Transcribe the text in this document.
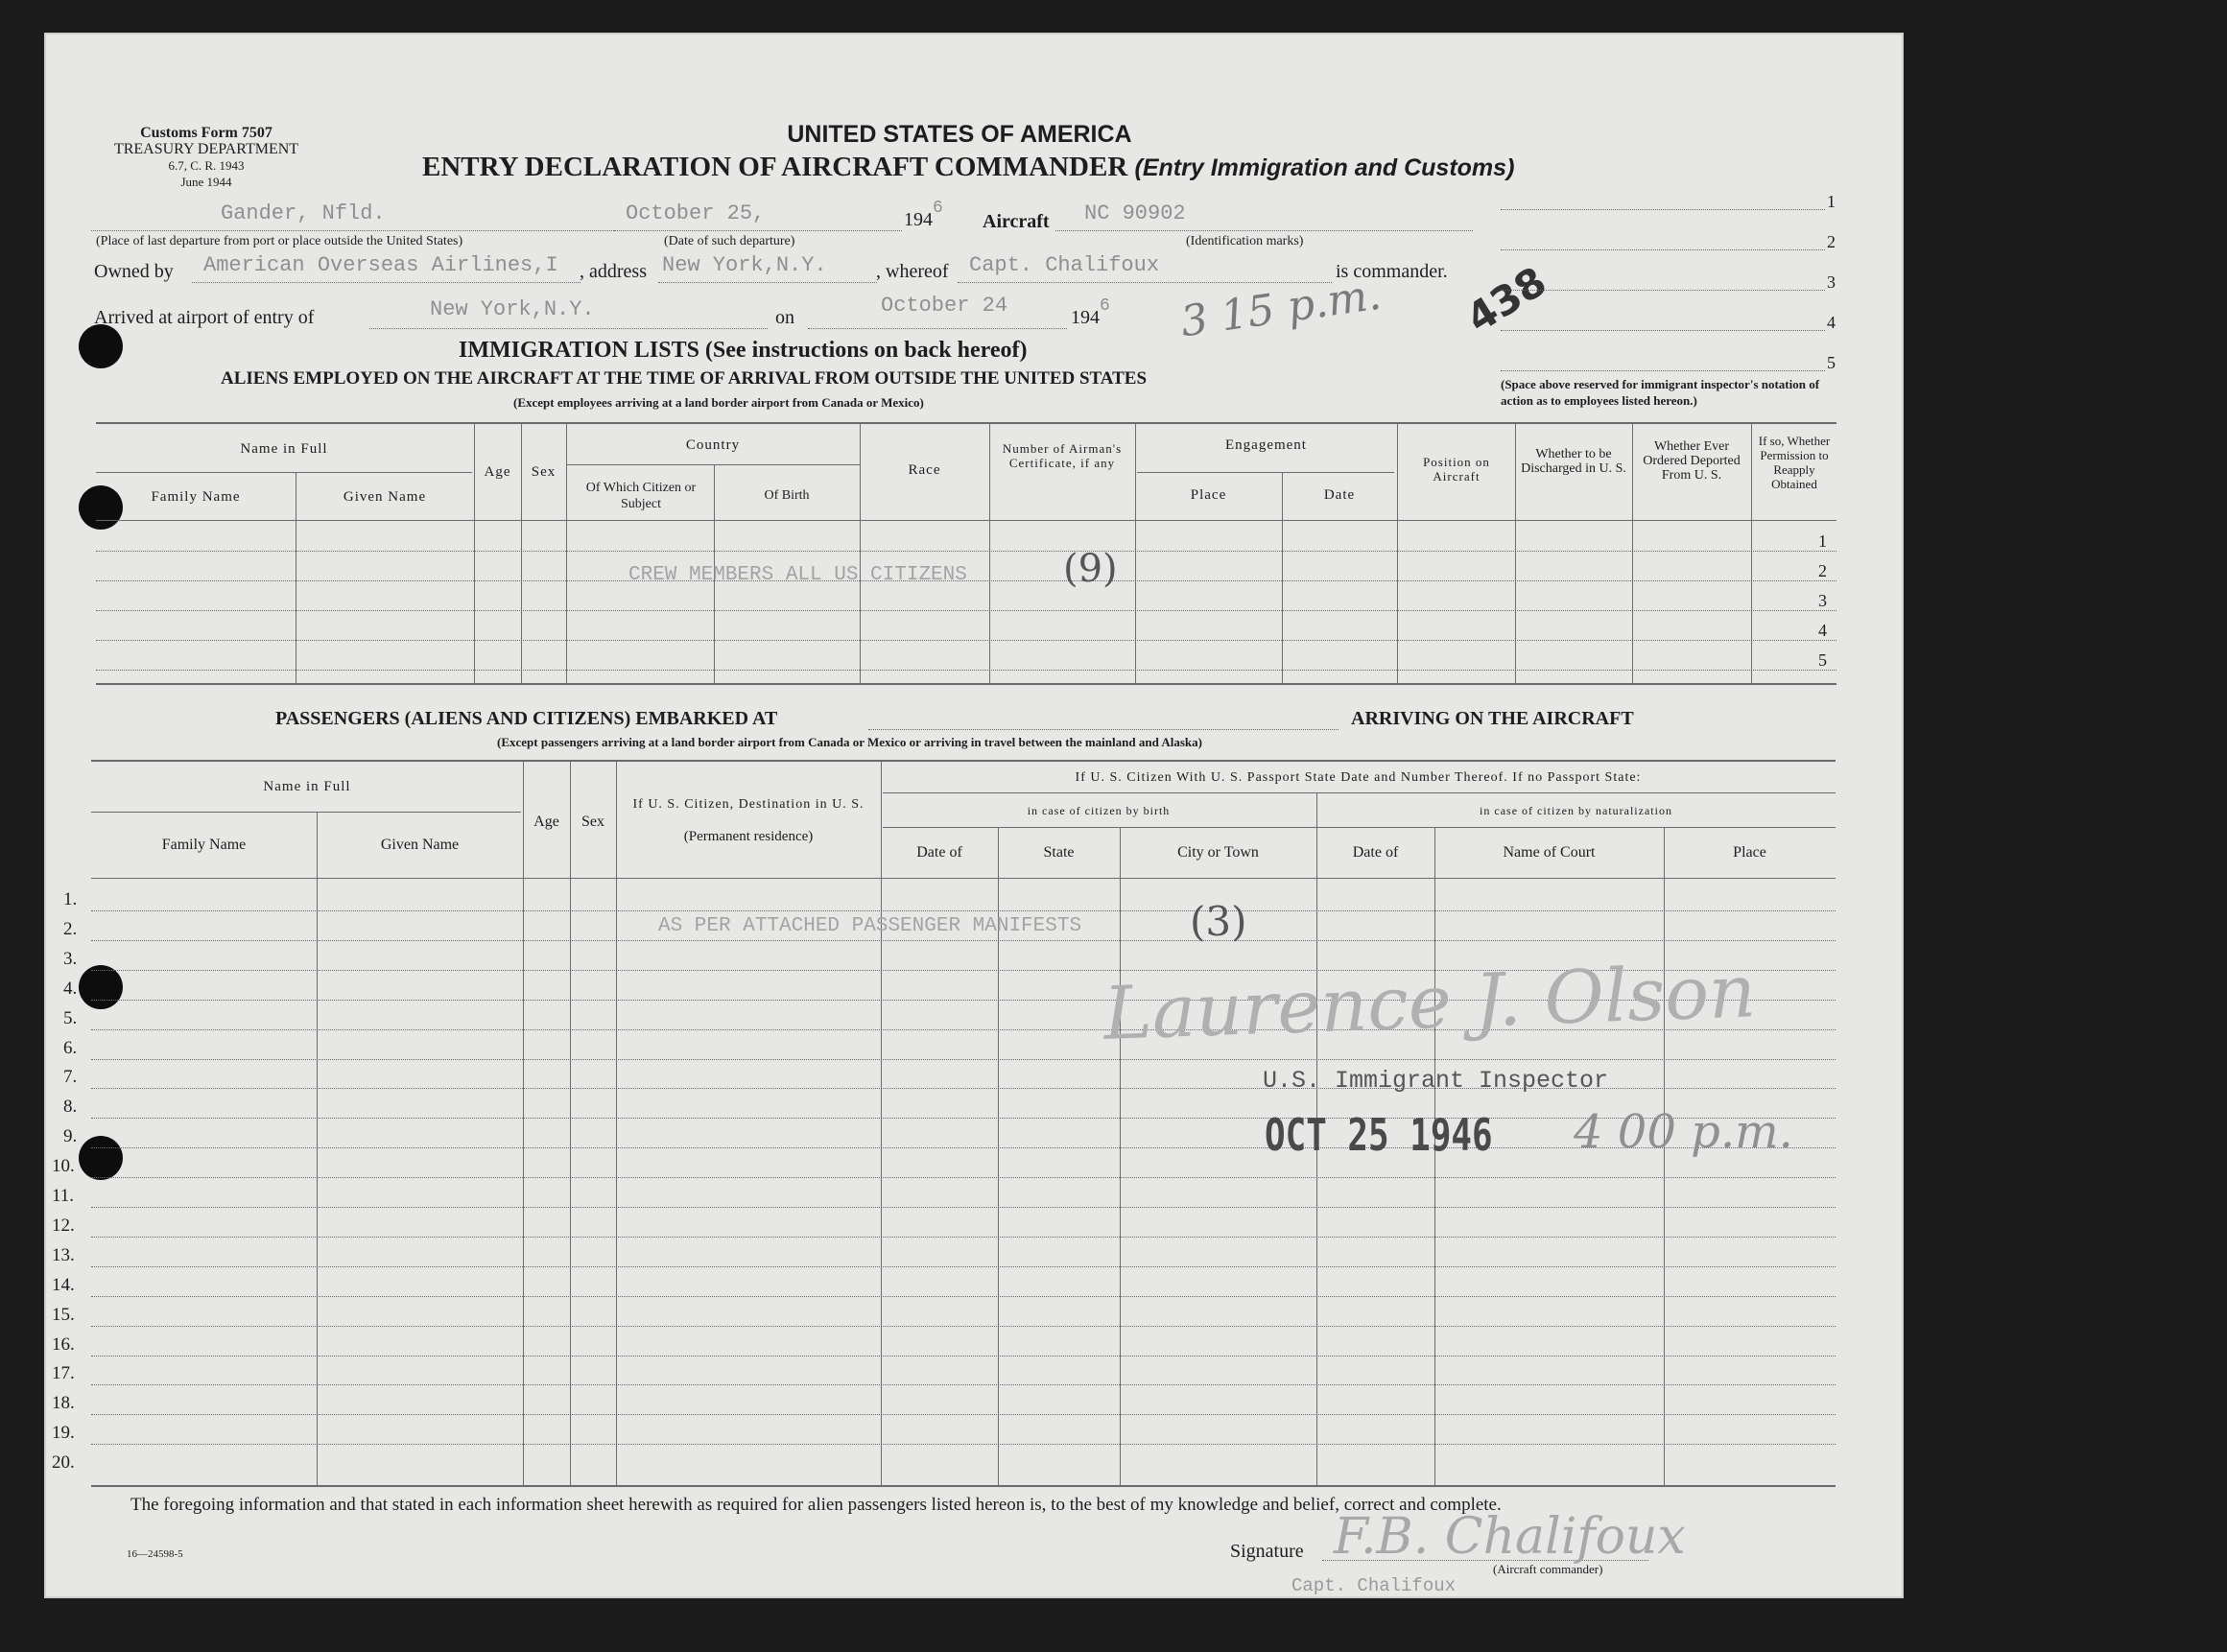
Customs Form 7507
TREASURY DEPARTMENT
6.7, C. R. 1943
June 1944
UNITED STATES OF AMERICA
ENTRY DECLARATION OF AIRCRAFT COMMANDER (Entry Immigration and Customs)
Gander, Nfld.
(Place of last departure from port or place outside the United States)
October 25,
(Date of such departure)
1946
Aircraft NC 90902
(Identification marks)
Owned by American Overseas Airlines,I , address New York,N.Y.	, whereof Capt. Chalifoux	is commander.
Arrived at airport of entry of	New York,N.Y.	on	October 24	1946 3 15 p.m. 438
1
2
3
4
5
(Space above reserved for immigrant inspector's notation of action as to employees listed hereon.)
IMMIGRATION LISTS (See instructions on back hereof)
ALIENS EMPLOYED ON THE AIRCRAFT AT THE TIME OF ARRIVAL FROM OUTSIDE THE UNITED STATES
(Except employees arriving at a land border airport from Canada or Mexico)
Name in Full
Family Name	Given Name
Age	Sex
Country
Of Which Citizen or Subject
Of Birth
Race
Number of Airman's Certificate, if any
Engagement
Place	Date
Position on Aircraft
Whether to be Discharged in U. S.
Whether Ever Ordered Deported From U. S.
If so, Whether Permission to Reapply Obtained
1
2
3
4
5
CREW MEMBERS ALL US CITIZENS	(9)
PASSENGERS (ALIENS AND CITIZENS) EMBARKED AT	ARRIVING ON THE AIRCRAFT
(Except passengers arriving at a land border airport from Canada or Mexico or arriving in travel between the mainland and Alaska)
Name in Full
Family Name	Given Name
Age	Sex
If U. S. Citizen, Destination in U. S.
(Permanent residence)
If U. S. Citizen With U. S. Passport State Date and Number Thereof. If no Passport State:
in case of citizen by birth	in case of citizen by naturalization
Date of	State	City or Town	Date of	Name of Court	Place
1.
2.
3.
4.
5.
6.
7.
8.
9.
10.
11.
12.
13.
14.
15.
16.
17.
18.
19.
20.
AS PER ATTACHED PASSENGER MANIFESTS	(3)
Laurence J. Olson
U.S. Immigrant Inspector
OCT 25 1946 4 00 p.m.
The foregoing information and that stated in each information sheet herewith as required for alien passengers listed hereon is, to the best of my knowledge and belief, correct and complete.
Signature F.B. Chalifoux
(Aircraft commander)
Capt. Chalifoux
16—24598-5
